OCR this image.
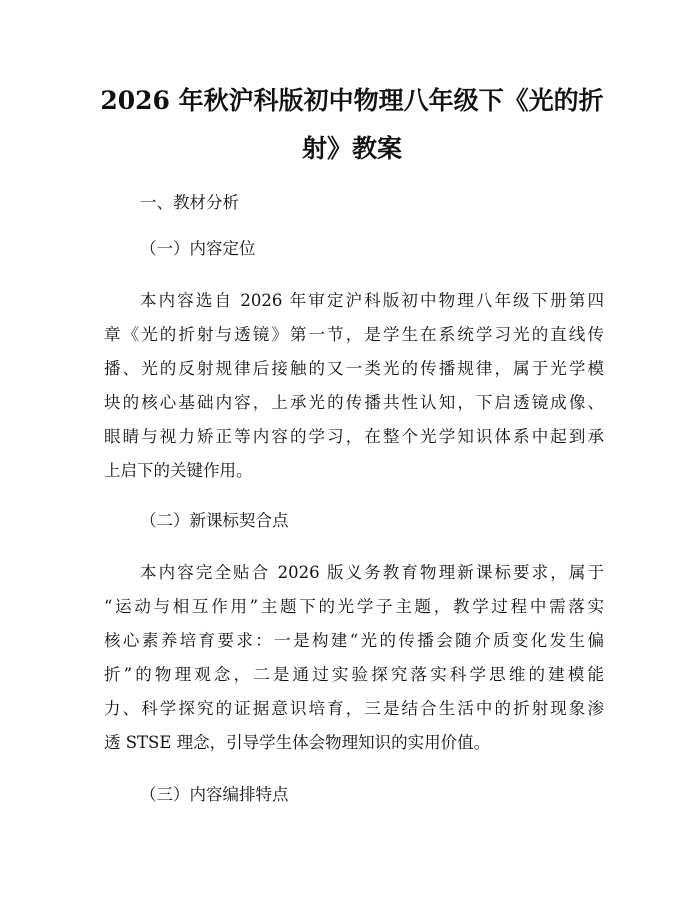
2026 年秋沪科版初中物理八年级下《光的折
射》教案

一、教材分析

（一）内容定位

本内容选自 2026 年审定沪科版初中物理八年级下册第四
章《光的折射与透镜》第一节，是学生在系统学习光的直线传
播、光的反射规律后接触的又一类光的传播规律，属于光学模
块的核心基础内容，上承光的传播共性认知，下启透镜成像、
眼睛与视力矫正等内容的学习，在整个光学知识体系中起到承
上启下的关键作用。

（二）新课标契合点

本内容完全贴合 2026 版义务教育物理新课标要求，属于
“运动与相互作用”主题下的光学子主题，教学过程中需落实
核心素养培育要求：一是构建“光的传播会随介质变化发生偏
折”的物理观念，二是通过实验探究落实科学思维的建模能
力、科学探究的证据意识培育，三是结合生活中的折射现象渗
透 STSE 理念，引导学生体会物理知识的实用价值。

（三）内容编排特点
